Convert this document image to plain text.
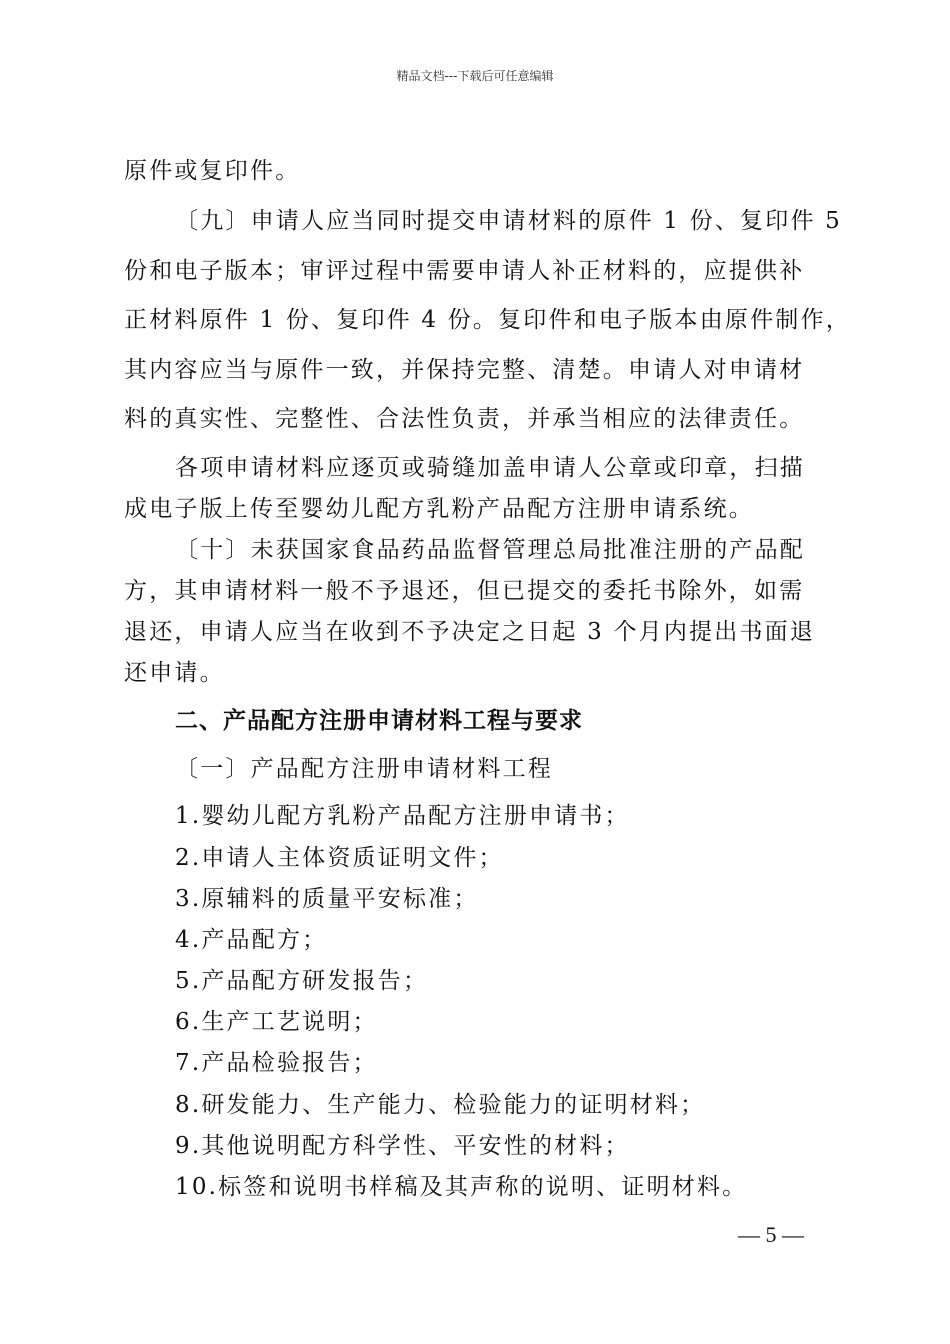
精品文档---下载后可任意编辑
原件或复印件。
〔九〕申请人应当同时提交申请材料的原件 1 份、复印件 5
份和电子版本；审评过程中需要申请人补正材料的，应提供补
正材料原件 1 份、复印件 4 份。复印件和电子版本由原件制作，
其内容应当与原件一致，并保持完整、清楚。申请人对申请材
料的真实性、完整性、合法性负责，并承当相应的法律责任。
各项申请材料应逐页或骑缝加盖申请人公章或印章，扫描
成电子版上传至婴幼儿配方乳粉产品配方注册申请系统。
〔十〕未获国家食品药品监督管理总局批准注册的产品配
方，其申请材料一般不予退还，但已提交的委托书除外，如需
退还，申请人应当在收到不予决定之日起 3 个月内提出书面退
还申请。
二、产品配方注册申请材料工程与要求
〔一〕产品配方注册申请材料工程
1.婴幼儿配方乳粉产品配方注册申请书；
2.申请人主体资质证明文件；
3.原辅料的质量平安标准；
4.产品配方；
5.产品配方研发报告；
6.生产工艺说明；
7.产品检验报告；
8.研发能力、生产能力、检验能力的证明材料；
9.其他说明配方科学性、平安性的材料；
10.标签和说明书样稿及其声称的说明、证明材料。
— 5 —
